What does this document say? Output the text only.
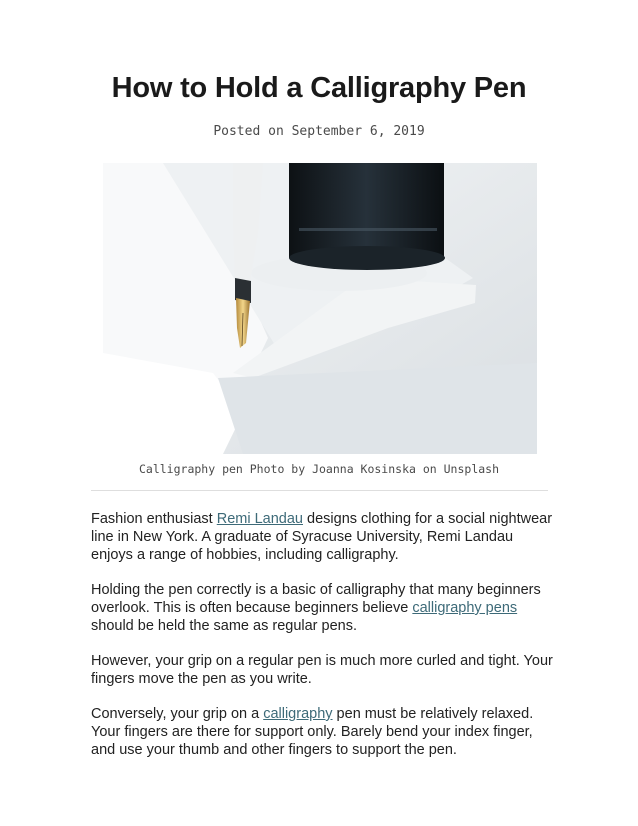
How to Hold a Calligraphy Pen
Posted on September 6, 2019
Calligraphy pen Photo by Joanna Kosinska on Unsplash

Fashion enthusiast Remi Landau designs clothing for a social nightwear line in New York. A graduate of Syracuse University, Remi Landau enjoys a range of hobbies, including calligraphy.

Holding the pen correctly is a basic of calligraphy that many beginners overlook. This is often because beginners believe calligraphy pens should be held the same as regular pens.

However, your grip on a regular pen is much more curled and tight. Your fingers move the pen as you write.

Conversely, your grip on a calligraphy pen must be relatively relaxed. Your fingers are there for support only. Barely bend your index finger, and use your thumb and other fingers to support the pen.
